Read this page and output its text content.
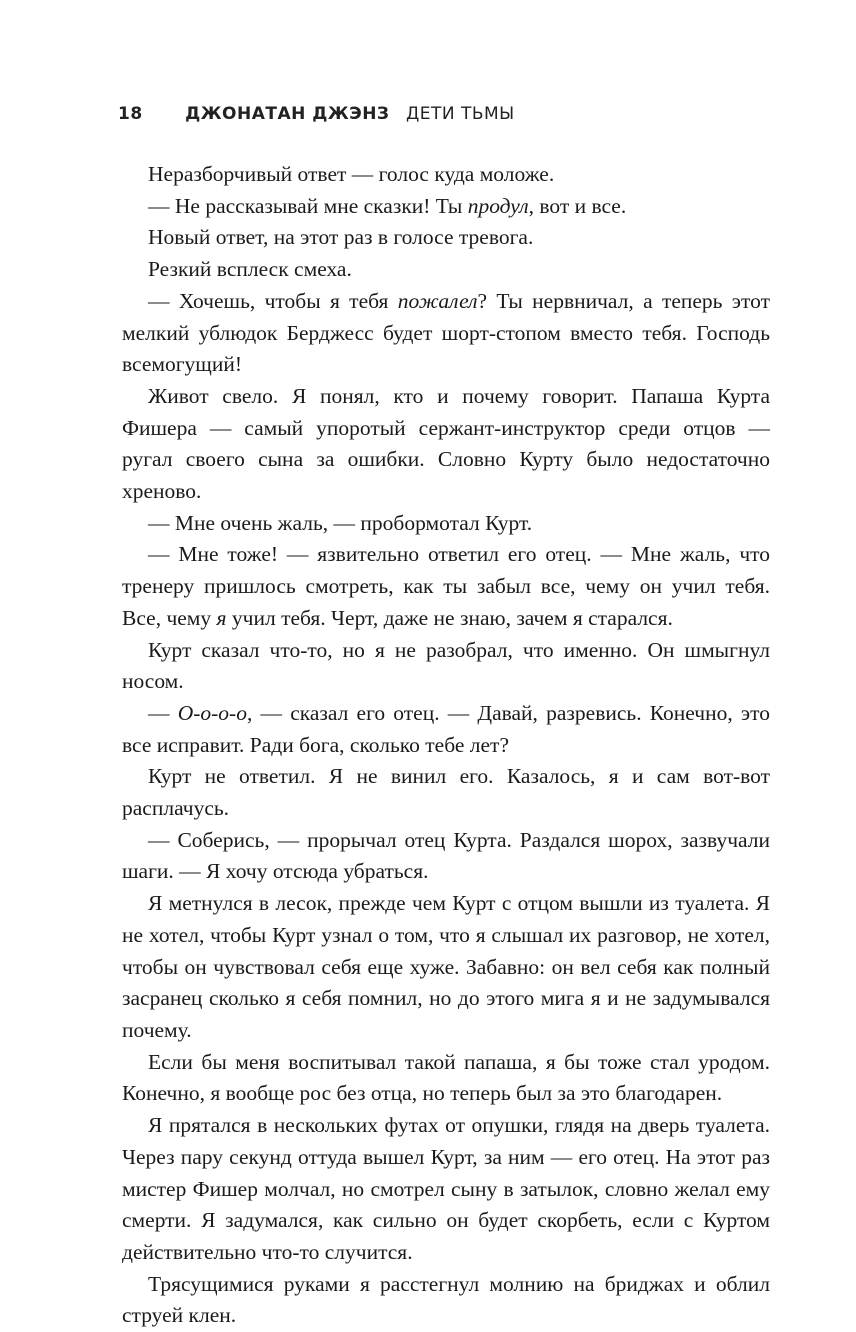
18 ДЖОНАТАН ДЖЭНЗ ДЕТИ ТЬМЫ

Неразборчивый ответ — голос куда моложе.

— Не рассказывай мне сказки! Ты продул, вот и все.

Новый ответ, на этот раз в голосе тревога.

Резкий всплеск смеха.

— Хочешь, чтобы я тебя пожалел? Ты нервничал, а теперь этот мелкий ублюдок Берджесс будет шорт-стопом вместо тебя. Господь всемогущий!

Живот свело. Я понял, кто и почему говорит. Папаша Курта Фишера — самый упоротый сержант-инструктор среди отцов — ругал своего сына за ошибки. Словно Курту было недостаточно хреново.

— Мне очень жаль, — пробормотал Курт.

— Мне тоже! — язвительно ответил его отец. — Мне жаль, что тренеру пришлось смотреть, как ты забыл все, чему он учил тебя. Все, чему я учил тебя. Черт, даже не знаю, зачем я старался.

Курт сказал что-то, но я не разобрал, что именно. Он шмыгнул носом.

— О-о-о-о, — сказал его отец. — Давай, разревись. Конечно, это все исправит. Ради бога, сколько тебе лет?

Курт не ответил. Я не винил его. Казалось, я и сам вот-вот расплачусь.

— Соберись, — прорычал отец Курта. Раздался шорох, зазвучали шаги. — Я хочу отсюда убраться.

Я метнулся в лесок, прежде чем Курт с отцом вышли из туалета. Я не хотел, чтобы Курт узнал о том, что я слышал их разговор, не хотел, чтобы он чувствовал себя еще хуже. Забавно: он вел себя как полный засранец сколько я себя помнил, но до этого мига я и не задумывался почему.

Если бы меня воспитывал такой папаша, я бы тоже стал уродом. Конечно, я вообще рос без отца, но теперь был за это благодарен.

Я прятался в нескольких футах от опушки, глядя на дверь туалета. Через пару секунд оттуда вышел Курт, за ним — его отец. На этот раз мистер Фишер молчал, но смотрел сыну в затылок, словно желал ему смерти. Я задумался, как сильно он будет скорбеть, если с Куртом действительно что-то случится.

Трясущимися руками я расстегнул молнию на бриджах и облил струей клен.
